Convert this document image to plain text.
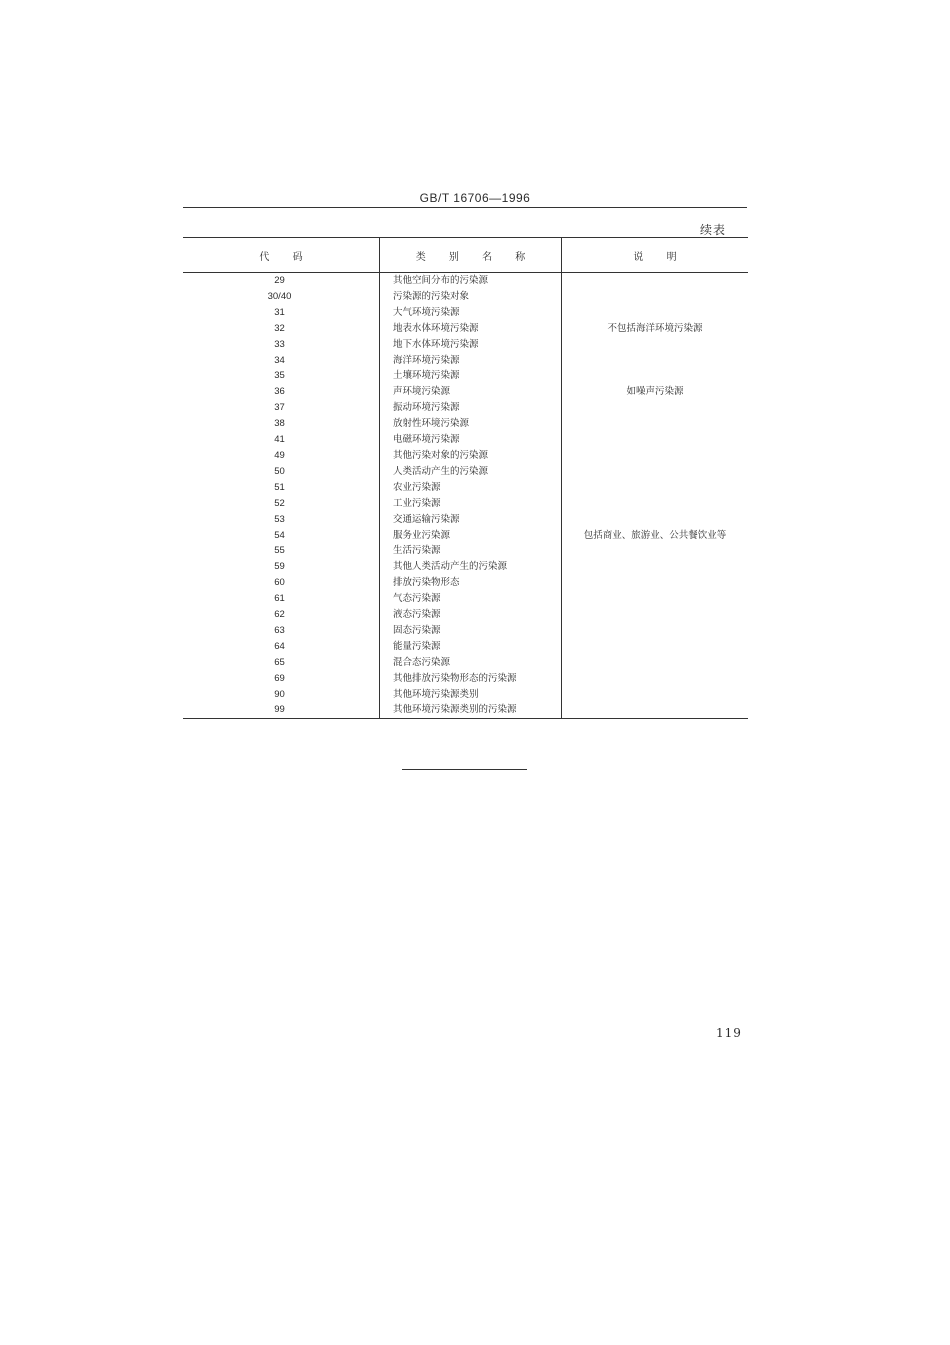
GB/T 16706—1996
续表
代 码	类 别 名 称	说 明
29	其他空间分布的污染源	
30/40	污染源的污染对象	
31	大气环境污染源	
32	地表水体环境污染源	不包括海洋环境污染源
33	地下水体环境污染源	
34	海洋环境污染源	
35	土壤环境污染源	
36	声环境污染源	如噪声污染源
37	振动环境污染源	
38	放射性环境污染源	
41	电磁环境污染源	
49	其他污染对象的污染源	
50	人类活动产生的污染源	
51	农业污染源	
52	工业污染源	
53	交通运输污染源	
54	服务业污染源	包括商业、旅游业、公共餐饮业等
55	生活污染源	
59	其他人类活动产生的污染源	
60	排放污染物形态	
61	气态污染源	
62	液态污染源	
63	固态污染源	
64	能量污染源	
65	混合态污染源	
69	其他排放污染物形态的污染源	
90	其他环境污染源类别	
99	其他环境污染源类别的污染源	
119
